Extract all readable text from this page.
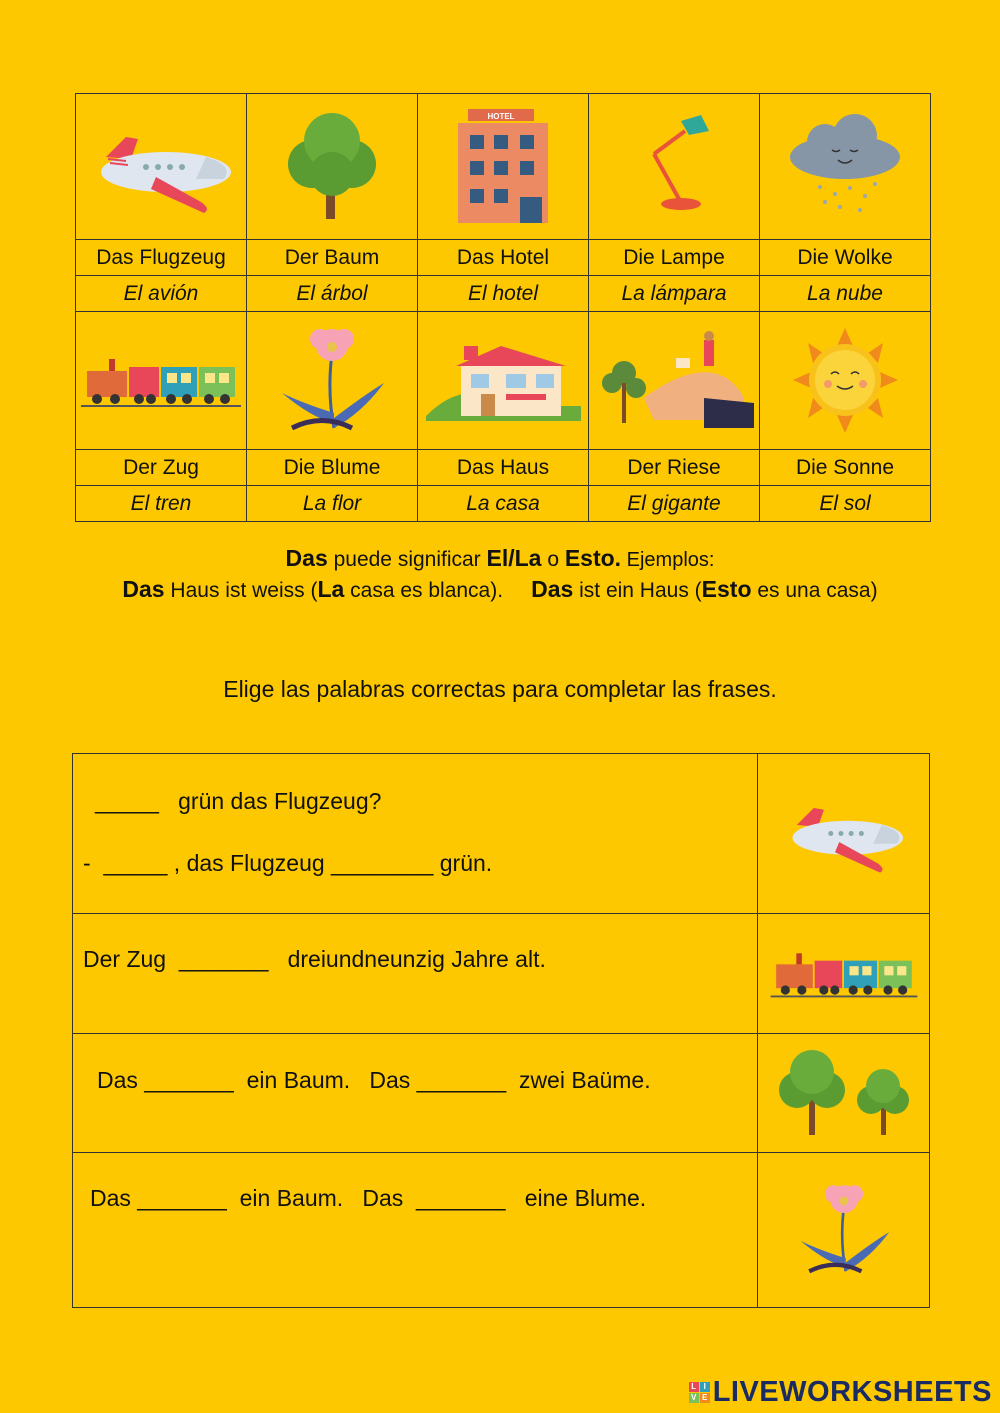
HOTEL

Das Flugzeug	Der Baum	Das Hotel	Die Lampe	Die Wolke
El avión	El árbol	El hotel	La lámpara	La nube

Der Zug	Die Blume	Das Haus	Der Riese	Die Sonne
El tren	La flor	La casa	El gigante	El sol
Das puede significar El/La o Esto. Ejemplos:
Das Haus ist weiss (La casa es blanca). Das ist ein Haus (Esto es una casa)
Elige las palabras correctas para completar las frases.
_____   grün das Flugzeug?
-  _____ , das Flugzeug ________ grün.

Der Zug  _______   dreiundneunzig Jahre alt.

Das _______  ein Baum.   Das _______  zwei Baüme.

Das _______  ein Baum.   Das  _______   eine Blume.

L I
V E LIVEWORKSHEETS
